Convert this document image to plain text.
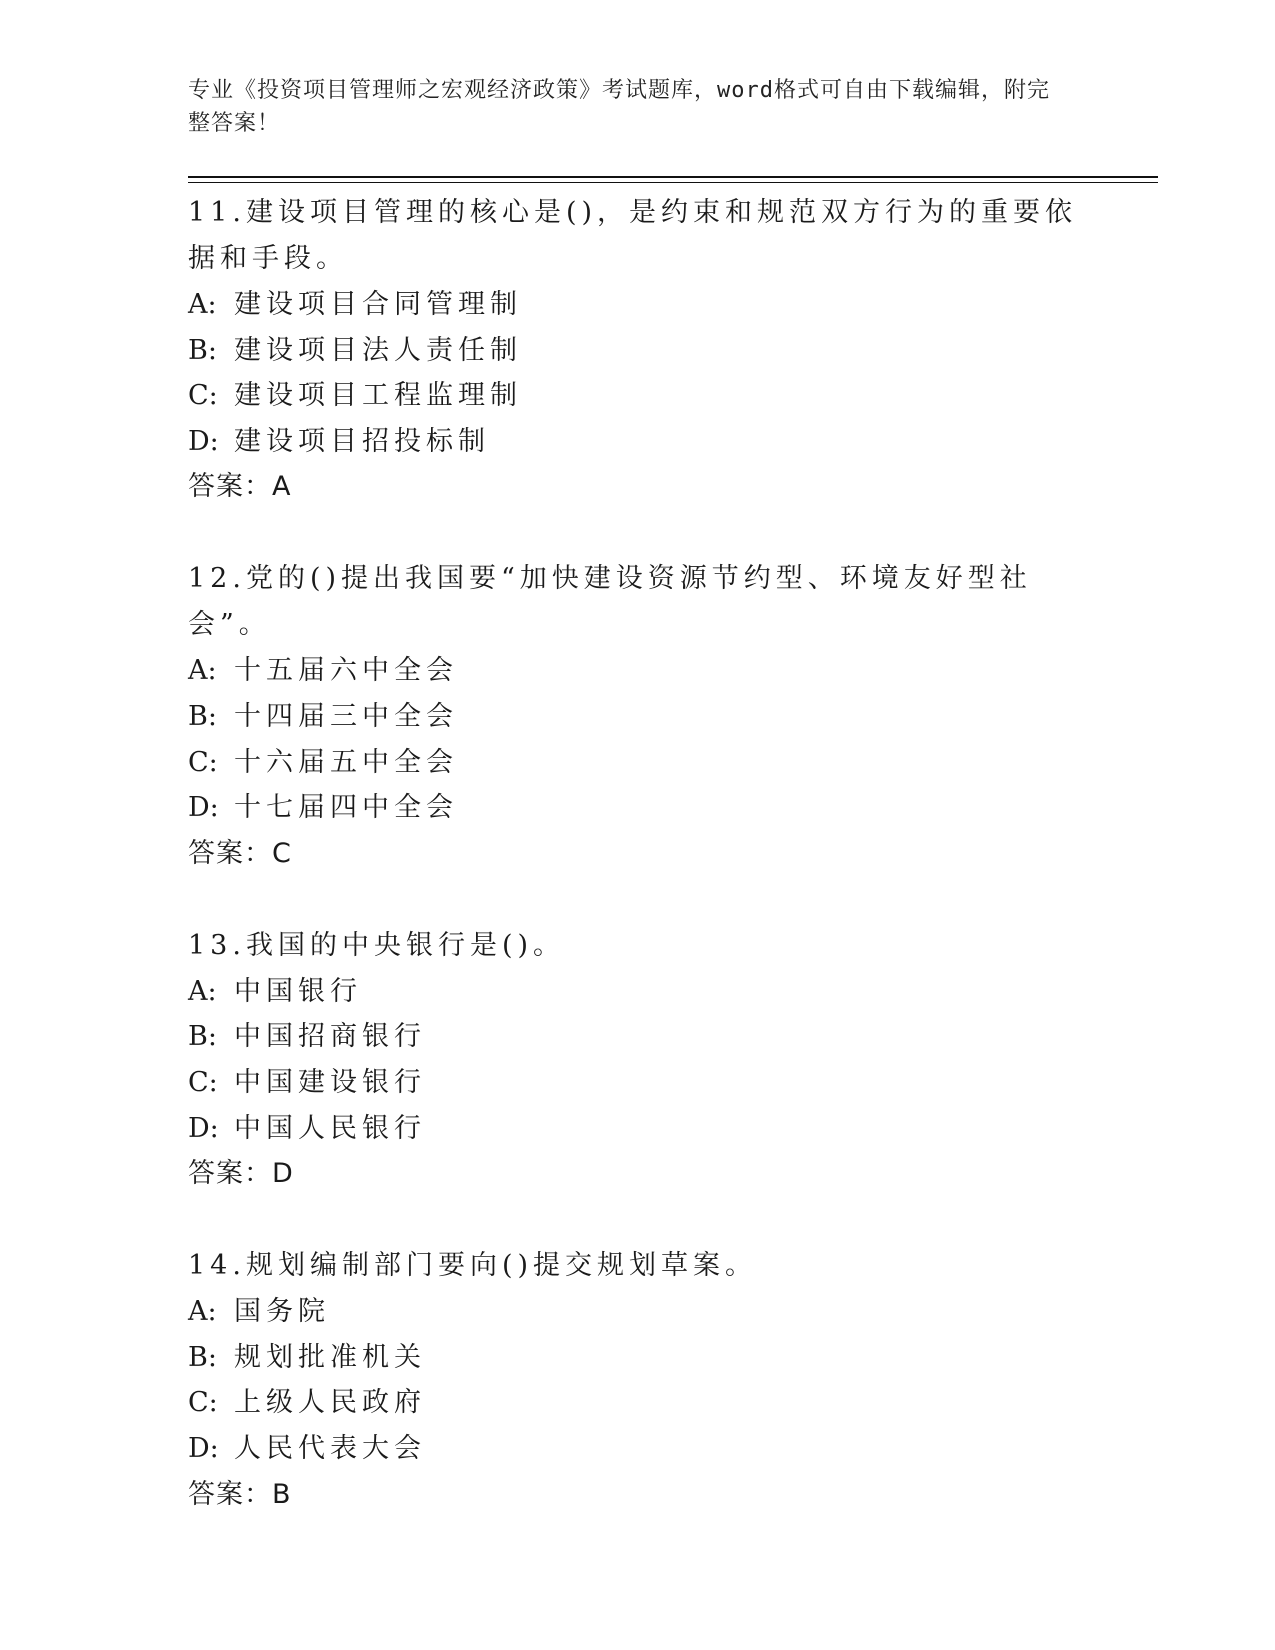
专业《投资项目管理师之宏观经济政策》考试题库，word格式可自由下载编辑，附完整答案！

11.建设项目管理的核心是()，是约束和规范双方行为的重要依据和手段。

A: 建设项目合同管理制

B: 建设项目法人责任制

C: 建设项目工程监理制

D: 建设项目招投标制

答案：A

12.党的()提出我国要“加快建设资源节约型、环境友好型社会”。

A: 十五届六中全会

B: 十四届三中全会

C: 十六届五中全会

D: 十七届四中全会

答案：C

13.我国的中央银行是()。

A: 中国银行

B: 中国招商银行

C: 中国建设银行

D: 中国人民银行

答案：D

14.规划编制部门要向()提交规划草案。

A: 国务院

B: 规划批准机关

C: 上级人民政府

D: 人民代表大会

答案：B
